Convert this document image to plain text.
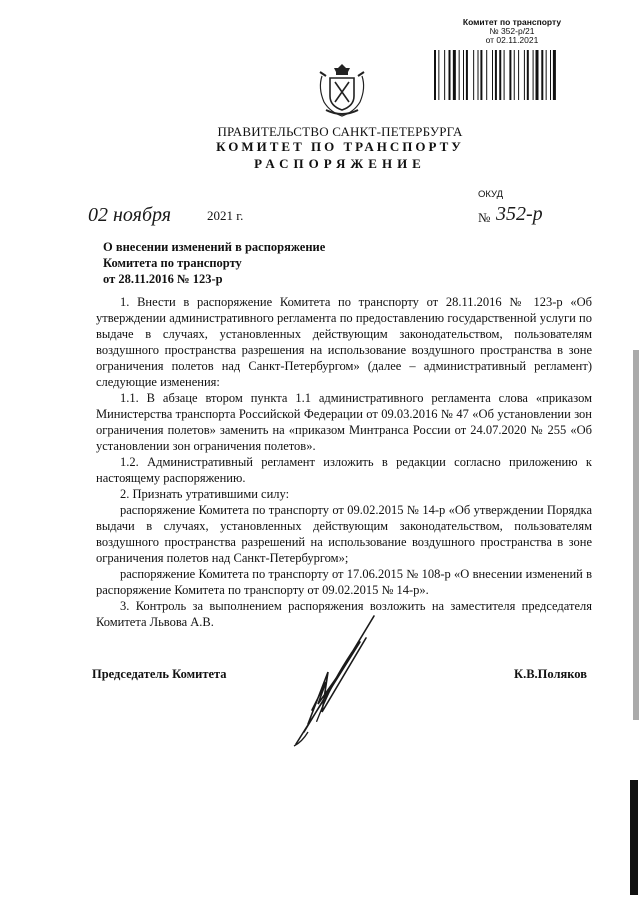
Комитет по транспорту
№ 352-р/21
от 02.11.2021
ПРАВИТЕЛЬСТВО САНКТ-ПЕТЕРБУРГА
КОМИТЕТ ПО ТРАНСПОРТУ
РАСПОРЯЖЕНИЕ
ОКУД
02 ноября	2021 г.	№ 352-р
О внесении изменений в распоряжение
Комитета по транспорту
от 28.11.2016 № 123-р

1. Внести в распоряжение Комитета по транспорту от 28.11.2016 № 123-р «Об утверждении административного регламента по предоставлению государственной услуги по выдаче в случаях, установленных действующим законодательством, пользователям воздушного пространства разрешения на использование воздушного пространства в зоне ограничения полетов над Санкт-Петербургом» (далее – административный регламент) следующие изменения:

1.1. В абзаце втором пункта 1.1 административного регламента слова «приказом Министерства транспорта Российской Федерации от 09.03.2016 № 47 «Об установлении зон ограничения полетов» заменить на «приказом Минтранса России от 24.07.2020 № 255 «Об установлении зон ограничения полетов».

1.2. Административный регламент изложить в редакции согласно приложению к настоящему распоряжению.

2. Признать утратившими силу:

распоряжение Комитета по транспорту от 09.02.2015 № 14-р «Об утверждении Порядка выдачи в случаях, установленных действующим законодательством, пользователям воздушного пространства разрешений на использование воздушного пространства в зоне ограничения полетов над Санкт-Петербургом»;

распоряжение Комитета по транспорту от 17.06.2015 № 108-р «О внесении изменений в распоряжение Комитета по транспорту от 09.02.2015 № 14-р».

3. Контроль за выполнением распоряжения возложить на заместителя председателя Комитета Львова А.В.

Председатель Комитета	К.В.Поляков
